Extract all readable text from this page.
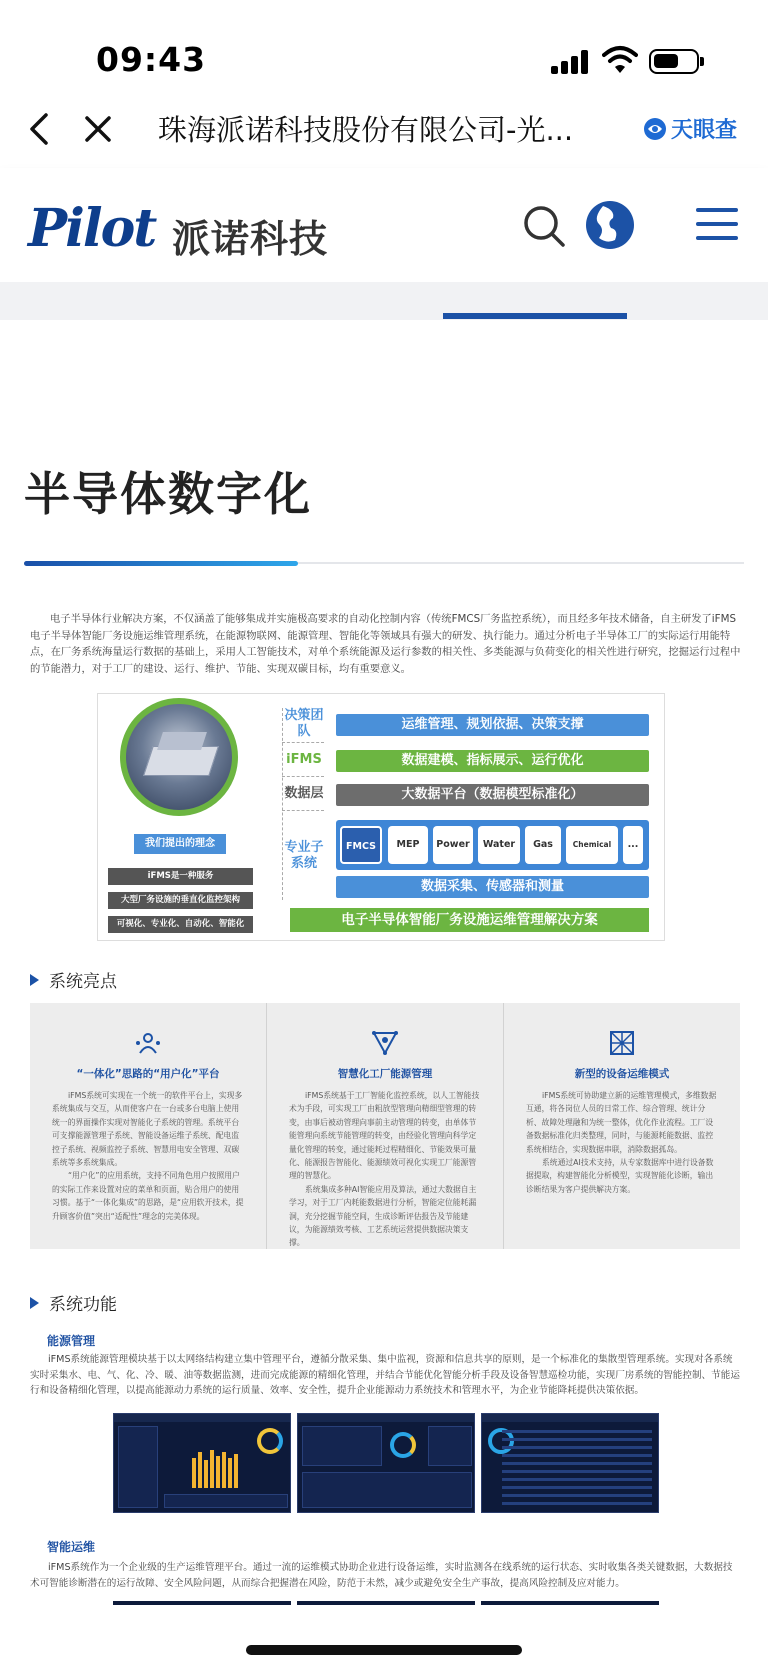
09:43
珠海派诺科技股份有限公司-光...	天眼查
Pilot 派诺科技
半导体数字化

电子半导体行业解决方案，不仅涵盖了能够集成并实施极高要求的自动化控制内容（传统FMCS厂务监控系统），而且经多年技术储备，自主研发了iFMS电子半导体智能厂务设施运维管理系统，在能源物联网、能源管理、智能化等领域具有强大的研发、执行能力。通过分析电子半导体工厂的实际运行用能特点，在厂务系统海量运行数据的基础上，采用人工智能技术，对单个系统能源及运行参数的相关性、多类能源与负荷变化的相关性进行研究，挖掘运行过程中的节能潜力，对于工厂的建设、运行、维护、节能、实现双碳目标，均有重要意义。

我们提出的理念
iFMS是一种服务
大型厂务设施的垂直化监控架构
可视化、专业化、自动化、智能化
决策团队
iFMS
数据层
专业子系统
运维管理、规划依据、决策支撑
数据建模、指标展示、运行优化
大数据平台（数据模型标准化）
FMCS	MEP	Power	Water	Gas	Chemical	...
数据采集、传感器和测量
电子半导体智能厂务设施运维管理解决方案
系统亮点
“一体化”思路的“用户化”平台

iFMS系统可实现在一个统一的软件平台上，实现多系统集成与交互，从而使客户在一台或多台电脑上使用统一的界面操作实现对智能化子系统的管理。系统平台可支撑能源管理子系统、智能设备运维子系统、配电监控子系统、视频监控子系统、智慧用电安全管理、双碳系统等多系统集成。

“用户化”的应用系统，支持不同角色用户按照用户的实际工作来设置对应的菜单和页面，贴合用户的使用习惯。基于“一体化集成”的思路，是“应用软开技术，提升顾客价值”突出“适配性”理念的完美体现。

智慧化工厂能源管理

iFMS系统基于工厂智能化监控系统，以人工智能技术为手段，可实现工厂由粗放型管理向精细型管理的转变，由事后被动管理向事前主动管理的转变，由单体节能管理向系统节能管理的转变，由经验化管理向科学定量化管理的转变，通过能耗过程精细化、节能效果可量化、能源报告智能化、能源绩效可视化实现工厂能源管理的智慧化。

系统集成多种AI智能应用及算法，通过大数据自主学习，对于工厂内耗能数据进行分析，智能定位能耗漏洞，充分挖掘节能空间，生成诊断评估报告及节能建议，为能源绩效考核、工艺系统运营提供数据决策支撑。

新型的设备运维模式

iFMS系统可协助建立新的运维管理模式，多维数据互通，将各岗位人员的日常工作、综合管理、统计分析、故障处理融和为统一整体，优化作业流程。工厂设备数据标准化归类整理，同时，与能源耗能数据、监控系统相结合，实现数据串联，消除数据孤岛。

系统通过AI技术支持，从专家数据库中进行设备数据提取，构建智能化分析模型，实现智能化诊断，输出诊断结果为客户提供解决方案。

系统功能
能源管理

iFMS系统能源管理模块基于以太网络结构建立集中管理平台，遵循分散采集、集中监视，资源和信息共享的原则，是一个标准化的集散型管理系统。实现对各系统实时采集水、电、气、化、冷、暖、油等数据监测，进而完成能源的精细化管理，并结合节能优化智能分析手段及设备智慧巡检功能，实现厂房系统的智能控制、节能运行和设备精细化管理，以提高能源动力系统的运行质量、效率、安全性，提升企业能源动力系统技术和管理水平，为企业节能降耗提供决策依据。

智能运维

iFMS系统作为一个企业级的生产运维管理平台。通过一流的运维模式协助企业进行设备运维，实时监测各在线系统的运行状态、实时收集各类关键数据，大数据技术可智能诊断潜在的运行故障、安全风险问题，从而综合把握潜在风险，防范于未然，减少或避免安全生产事故，提高风险控制及应对能力。
